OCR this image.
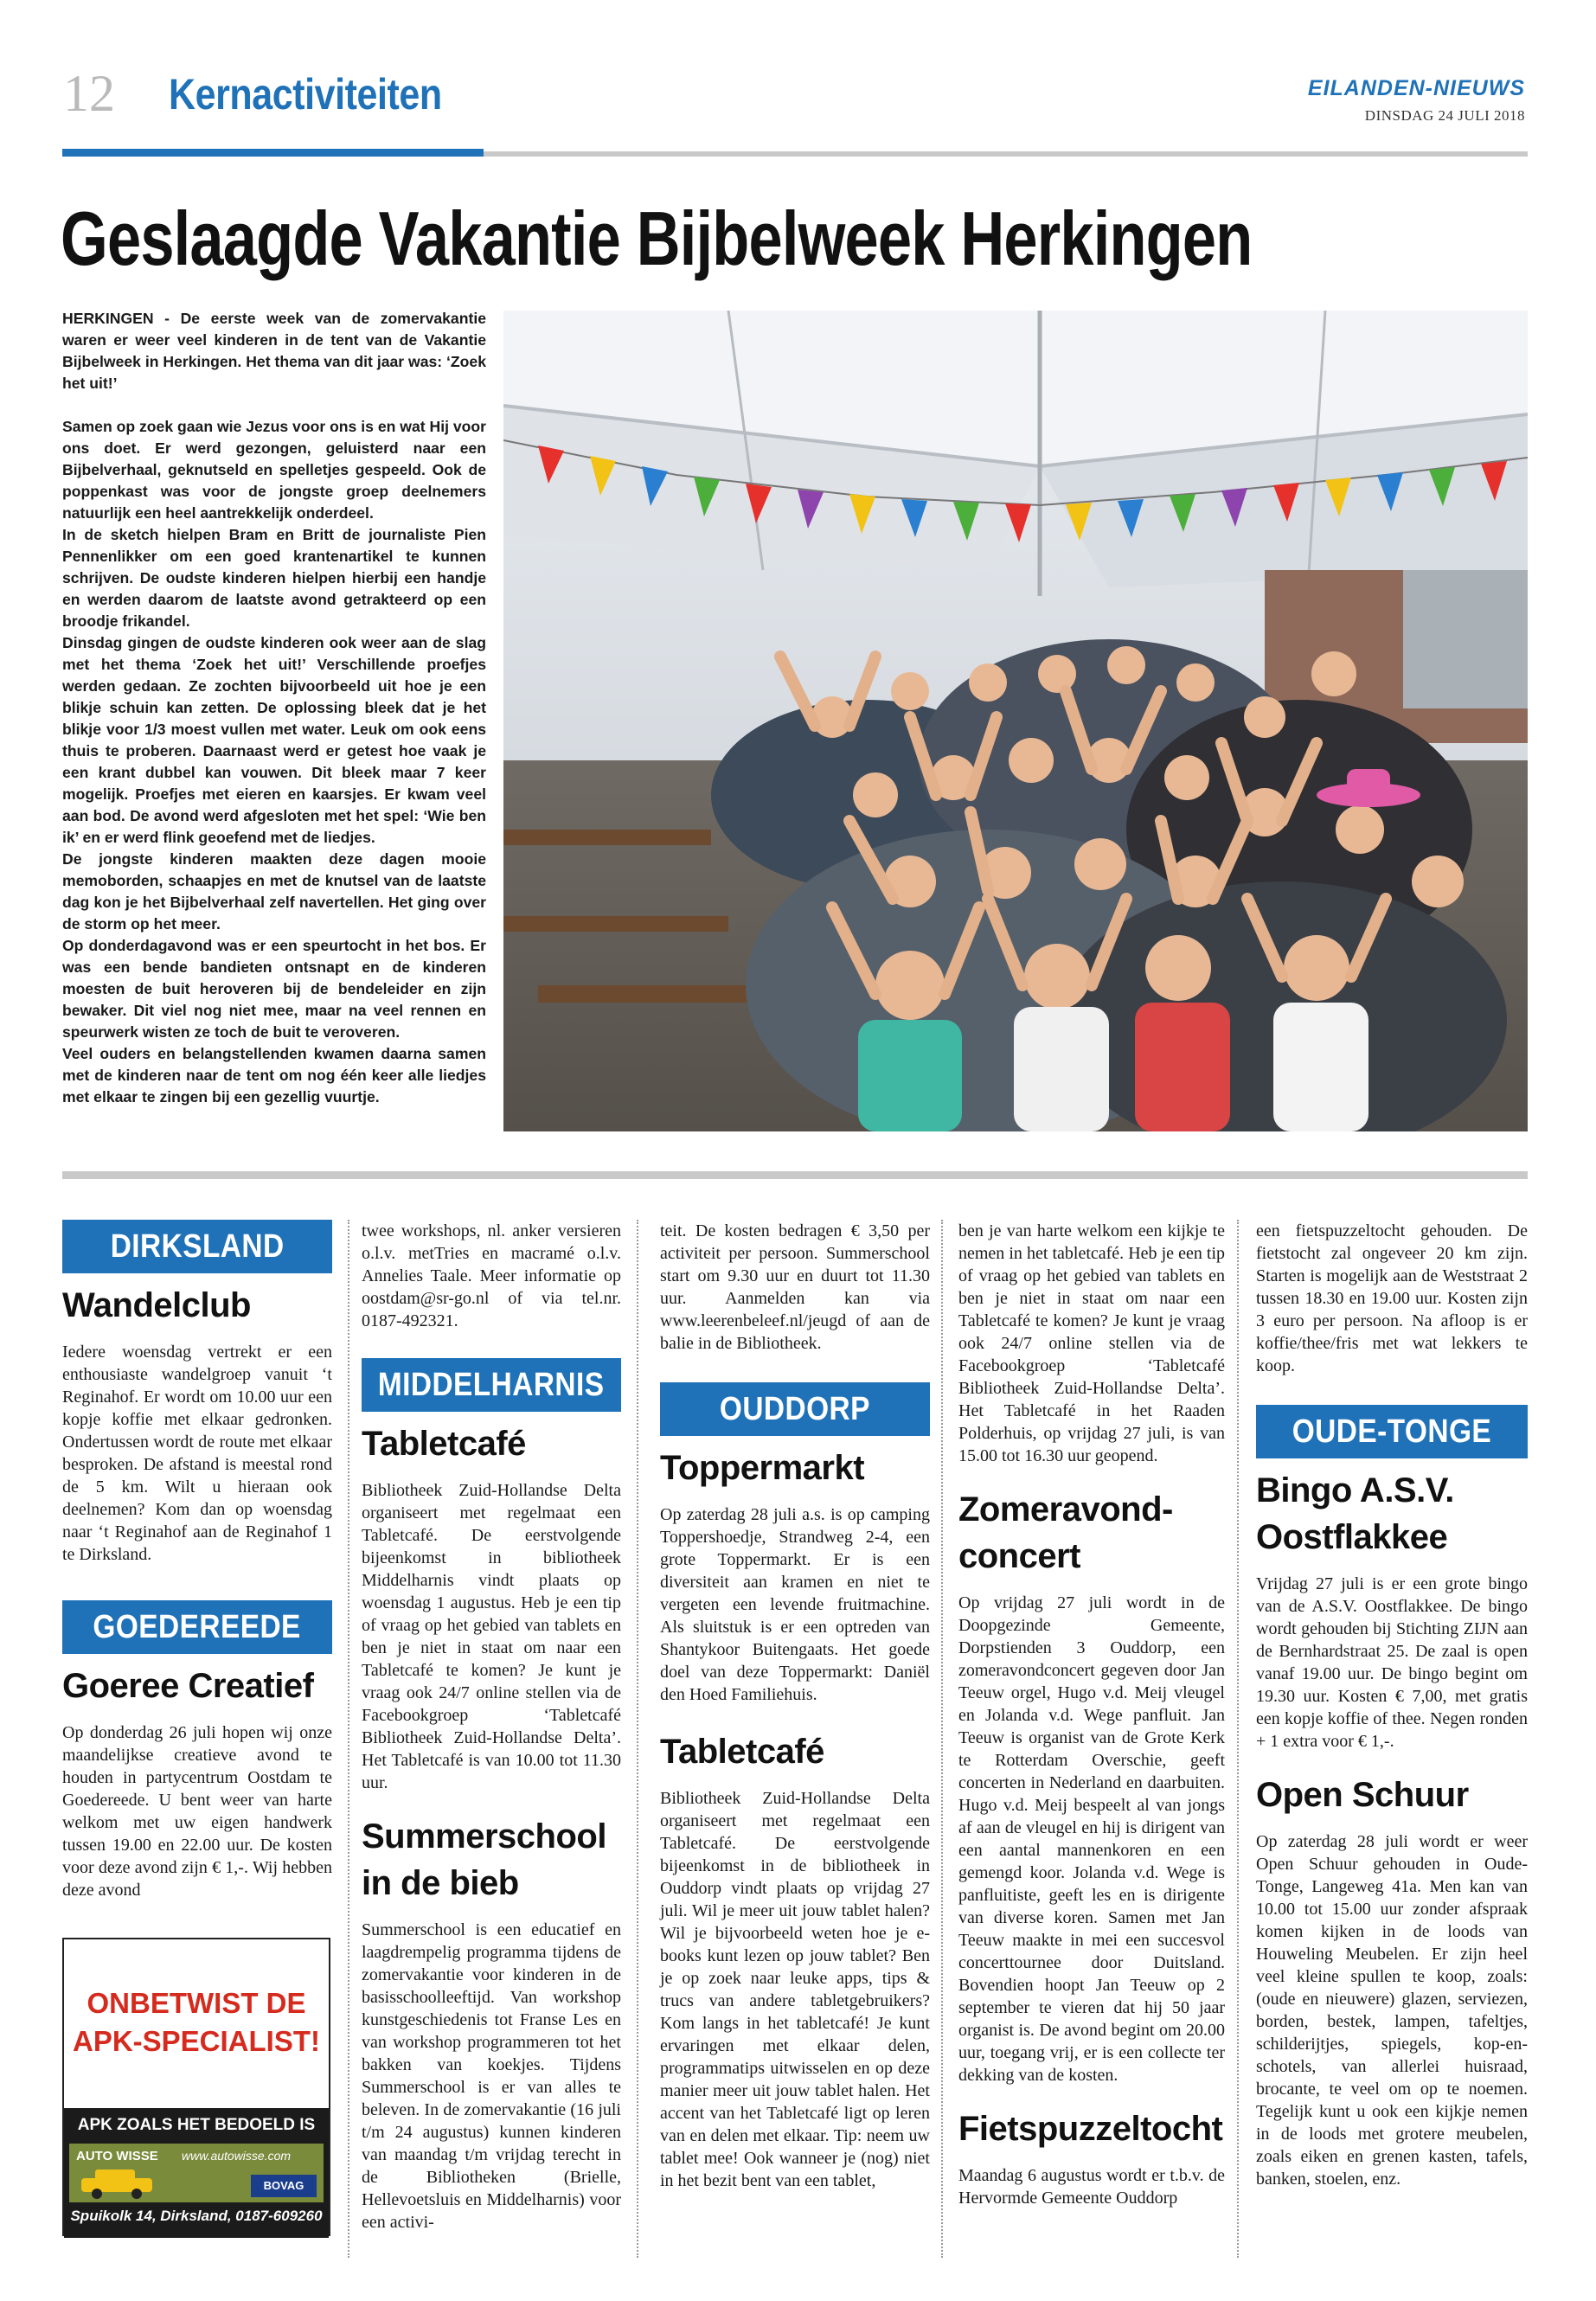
12 Kernactiviteiten	EILANDEN-NIEUWS
DINSDAG 24 JULI 2018
Geslaagde Vakantie Bijbelweek Herkingen

HERKINGEN - De eerste week van de zomervakantie waren er weer veel kinderen in de tent van de Vakantie Bijbelweek in Herkingen. Het thema van dit jaar was: ‘Zoek het uit!’

Samen op zoek gaan wie Jezus voor ons is en wat Hij voor ons doet. Er werd gezongen, geluisterd naar een Bijbelverhaal, geknutseld en spelletjes gespeeld. Ook de poppenkast was voor de jongste groep deelnemers natuurlijk een heel aantrekkelijk onderdeel.

In de sketch hielpen Bram en Britt de journaliste Pien Pennenlikker om een goed krantenartikel te kunnen schrijven. De oudste kinderen hielpen hierbij een handje en werden daarom de laatste avond getrakteerd op een broodje frikandel.

Dinsdag gingen de oudste kinderen ook weer aan de slag met het thema ‘Zoek het uit!’ Verschillende proefjes werden gedaan. Ze zochten bijvoorbeeld uit hoe je een blikje schuin kan zetten. De oplossing bleek dat je het blikje voor 1/3 moest vullen met water. Leuk om ook eens thuis te proberen. Daarnaast werd er getest hoe vaak je een krant dubbel kan vouwen. Dit bleek maar 7 keer mogelijk. Proefjes met eieren en kaarsjes. Er kwam veel aan bod. De avond werd afgesloten met het spel: ‘Wie ben ik’ en er werd flink geoefend met de liedjes.

De jongste kinderen maakten deze dagen mooie memoborden, schaapjes en met de knutsel van de laatste dag kon je het Bijbelverhaal zelf navertellen. Het ging over de storm op het meer.

Op donderdagavond was er een speurtocht in het bos. Er was een bende bandieten ontsnapt en de kinderen moesten de buit heroveren bij de bendeleider en zijn bewaker. Dit viel nog niet mee, maar na veel rennen en speurwerk wisten ze toch de buit te veroveren.

Veel ouders en belangstellenden kwamen daarna samen met de kinderen naar de tent om nog één keer alle liedjes met elkaar te zingen bij een gezellig vuurtje.

DIRKSLAND
Wandelclub

Iedere woensdag vertrekt er een enthousiaste wandelgroep vanuit ‘t Reginahof. Er wordt om 10.00 uur een kopje koffie met elkaar gedronken. Ondertussen wordt de route met elkaar besproken. De afstand is meestal rond de 5 km. Wilt u hieraan ook deelnemen? Kom dan op woensdag naar ‘t Reginahof aan de Reginahof 1 te Dirksland.

GOEDEREEDE
Goeree Creatief

Op donderdag 26 juli hopen wij onze maandelijkse creatieve avond te houden in partycentrum Oostdam te Goedereede. U bent weer van harte welkom met uw eigen handwerk tussen 19.00 en 22.00 uur. De kosten voor deze avond zijn € 1,-. Wij hebben deze avond

ONBETWIST DE
APK-SPECIALIST!
APK ZOALS HET BEDOELD IS
AUTO WISSE www.autowisse.com
BOVAG
Spuikolk 14, Dirksland, 0187-609260

twee workshops, nl. anker versieren o.l.v. metTries en macramé o.l.v. Annelies Taale. Meer informatie op oostdam@sr-go.nl of via tel.nr. 0187-492321.

MIDDELHARNIS
Tabletcafé

Bibliotheek Zuid-Hollandse Delta organiseert met regelmaat een Tabletcafé. De eerstvolgende bijeenkomst in bibliotheek Middelharnis vindt plaats op woensdag 1 augustus. Heb je een tip of vraag op het gebied van tablets en ben je niet in staat om naar een Tabletcafé te komen? Je kunt je vraag ook 24/7 online stellen via de Facebookgroep ‘Tabletcafé Bibliotheek Zuid-Hollandse Delta’. Het Tabletcafé is van 10.00 tot 11.30 uur.

Summerschool in de bieb

Summerschool is een educatief en laagdrempelig programma tijdens de zomervakantie voor kinderen in de basisschoolleeftijd. Van workshop kunstgeschiedenis tot Franse Les en van workshop programmeren tot het bakken van koekjes. Tijdens Summerschool is er van alles te beleven. In de zomervakantie (16 juli t/m 24 augustus) kunnen kinderen van maandag t/m vrijdag terecht in de Bibliotheken (Brielle, Hellevoetsluis en Middelharnis) voor een activi-

teit. De kosten bedragen € 3,50 per activiteit per persoon. Summerschool start om 9.30 uur en duurt tot 11.30 uur. Aanmelden kan via www.leerenbeleef.nl/jeugd of aan de balie in de Bibliotheek.

OUDDORP
Toppermarkt

Op zaterdag 28 juli a.s. is op camping Toppershoedje, Strandweg 2-4, een grote Toppermarkt. Er is een diversiteit aan kramen en niet te vergeten een levende fruitmachine. Als sluitstuk is er een optreden van Shantykoor Buitengaats. Het goede doel van deze Toppermarkt: Daniël den Hoed Familiehuis.

Tabletcafé

Bibliotheek Zuid-Hollandse Delta organiseert met regelmaat een Tabletcafé. De eerstvolgende bijeenkomst in de bibliotheek in Ouddorp vindt plaats op vrijdag 27 juli. Wil je meer uit jouw tablet halen? Wil je bijvoorbeeld weten hoe je e-books kunt lezen op jouw tablet? Ben je op zoek naar leuke apps, tips & trucs van andere tabletgebruikers? Kom langs in het tabletcafé! Je kunt ervaringen met elkaar delen, programmatips uitwisselen en op deze manier meer uit jouw tablet halen. Het accent van het Tabletcafé ligt op leren van en delen met elkaar. Tip: neem uw tablet mee! Ook wanneer je (nog) niet in het bezit bent van een tablet,

ben je van harte welkom een kijkje te nemen in het tabletcafé. Heb je een tip of vraag op het gebied van tablets en ben je niet in staat om naar een Tabletcafé te komen? Je kunt je vraag ook 24/7 online stellen via de Facebookgroep ‘Tabletcafé Bibliotheek Zuid-Hollandse Delta’. Het Tabletcafé in het Raaden Polderhuis, op vrijdag 27 juli, is van 15.00 tot 16.30 uur geopend.

Zomeravond-
concert

Op vrijdag 27 juli wordt in de Doopgezinde Gemeente, Dorpstienden 3 Ouddorp, een zomeravondconcert gegeven door Jan Teeuw orgel, Hugo v.d. Meij vleugel en Jolanda v.d. Wege panfluit. Jan Teeuw is organist van de Grote Kerk te Rotterdam Overschie, geeft concerten in Nederland en daarbuiten. Hugo v.d. Meij bespeelt al van jongs af aan de vleugel en hij is dirigent van een aantal mannenkoren en een gemengd koor. Jolanda v.d. Wege is panfluitiste, geeft les en is dirigente van diverse koren. Samen met Jan Teeuw maakte in mei een succesvol concerttournee door Duitsland. Bovendien hoopt Jan Teeuw op 2 september te vieren dat hij 50 jaar organist is. De avond begint om 20.00 uur, toegang vrij, er is een collecte ter dekking van de kosten.

Fietspuzzeltocht

Maandag 6 augustus wordt er t.b.v. de Hervormde Gemeente Ouddorp

een fietspuzzeltocht gehouden. De fietstocht zal ongeveer 20 km zijn. Starten is mogelijk aan de Weststraat 2 tussen 18.30 en 19.00 uur. Kosten zijn 3 euro per persoon. Na afloop is er koffie/thee/fris met wat lekkers te koop.

OUDE-TONGE
Bingo A.S.V. Oostflakkee

Vrijdag 27 juli is er een grote bingo van de A.S.V. Oostflakkee. De bingo wordt gehouden bij Stichting ZIJN aan de Bernhardstraat 25. De zaal is open vanaf 19.00 uur. De bingo begint om 19.30 uur. Kosten € 7,00, met gratis een kopje koffie of thee. Negen ronden + 1 extra voor € 1,-.

Open Schuur

Op zaterdag 28 juli wordt er weer Open Schuur gehouden in Oude-Tonge, Langeweg 41a. Men kan van 10.00 tot 15.00 uur zonder afspraak komen kijken in de loods van Houweling Meubelen. Er zijn heel veel kleine spullen te koop, zoals: (oude en nieuwere) glazen, serviezen, borden, bestek, lampen, tafeltjes, schilderijtjes, spiegels, kop-en-schotels, van allerlei huisraad, brocante, te veel om op te noemen. Tegelijk kunt u ook een kijkje nemen in de loods met grotere meubelen, zoals eiken en grenen kasten, tafels, banken, stoelen, enz.
